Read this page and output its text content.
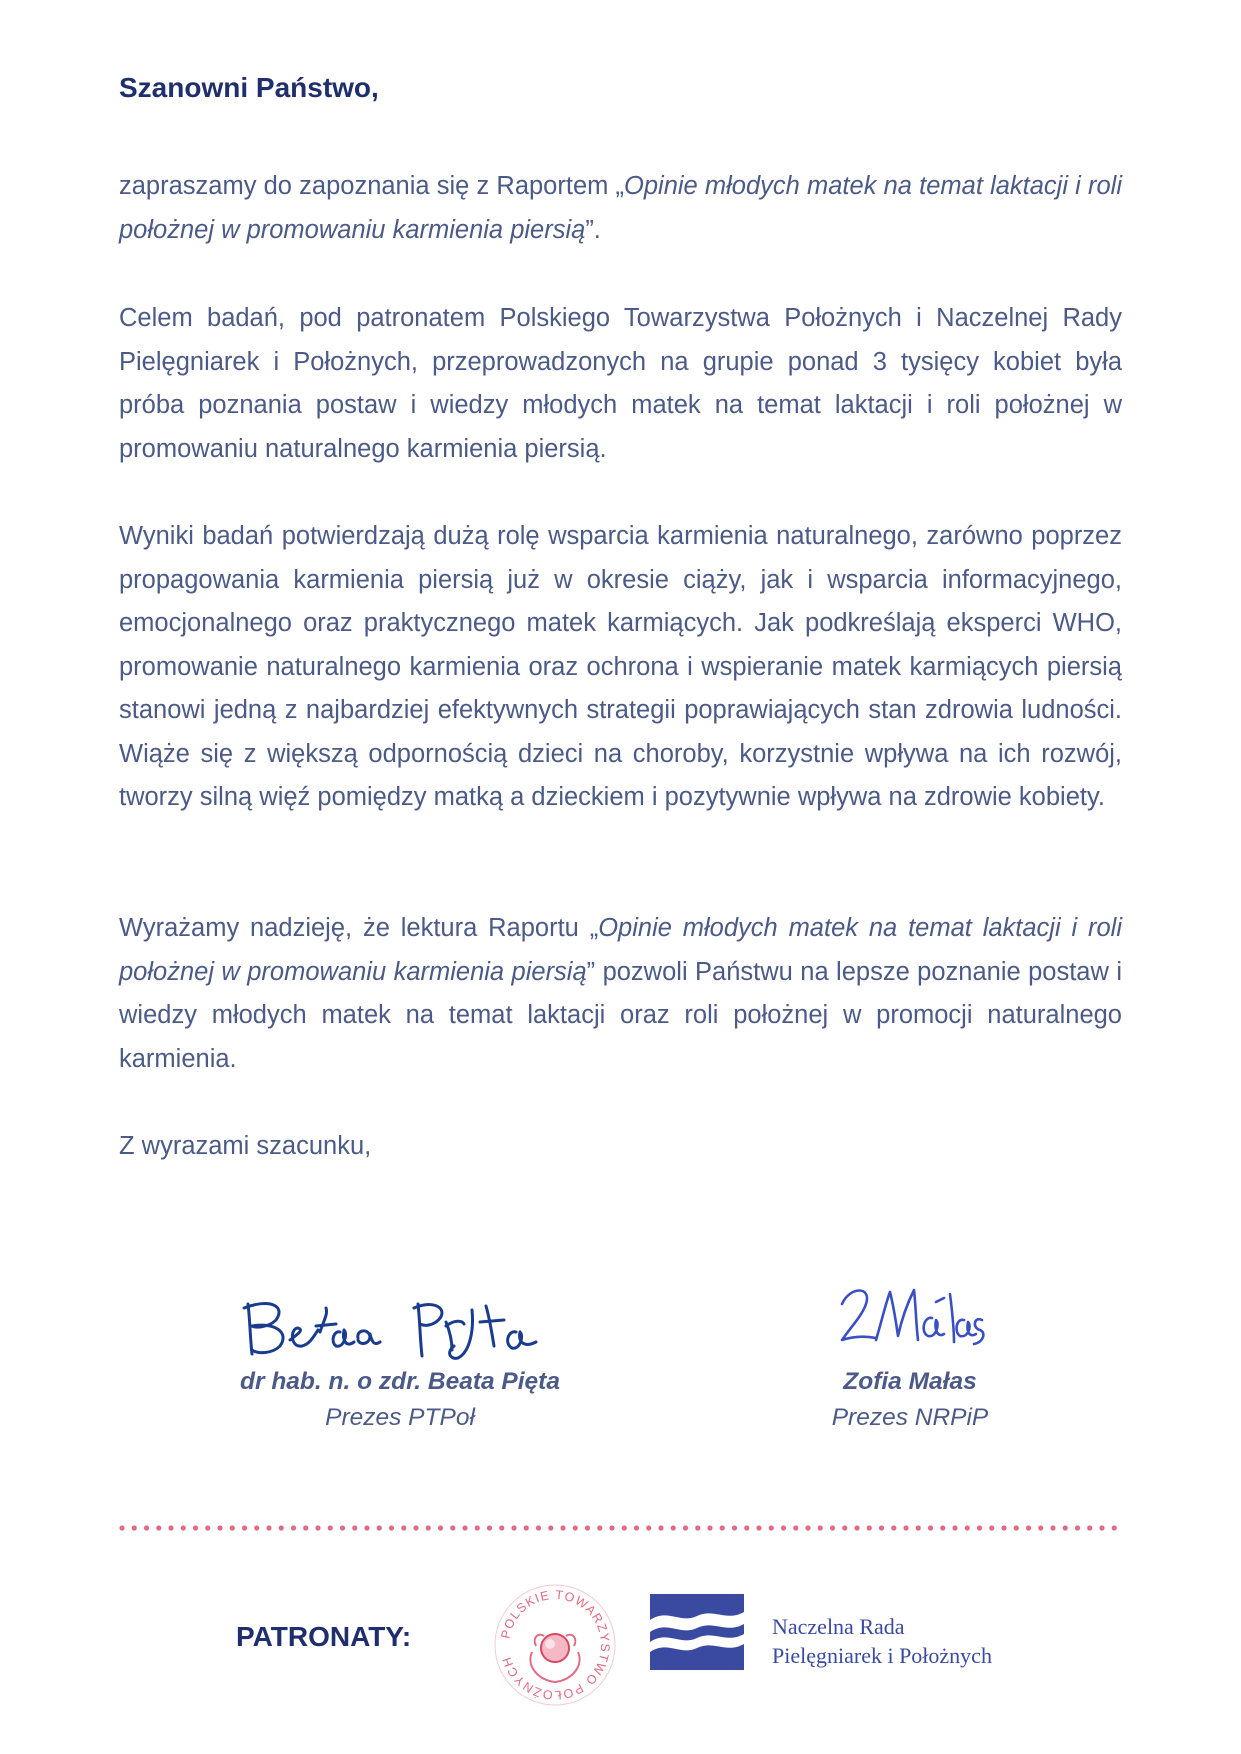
Szanowni Państwo,

zapraszamy do zapoznania się z Raportem „Opinie młodych matek na temat laktacji i roli położnej w promowaniu karmienia piersią”.

Celem badań, pod patronatem Polskiego Towarzystwa Położnych i Naczelnej Rady Pielęgniarek i Położnych, przeprowadzonych na grupie ponad 3 tysięcy kobiet była próba poznania postaw i wiedzy młodych matek na temat laktacji i roli położnej w promowaniu naturalnego karmienia piersią.

Wyniki badań potwierdzają dużą rolę wsparcia karmienia naturalnego, zarówno poprzez propagowania karmienia piersią już w okresie ciąży, jak i wsparcia informacyjnego, emocjonalnego oraz praktycznego matek karmiących. Jak podkreślają eksperci WHO, promowanie naturalnego karmienia oraz ochrona i wspieranie matek karmiących piersią stanowi jedną z najbardziej efektywnych strategii poprawiających stan zdrowia ludności. Wiąże się z większą odpornością dzieci na choroby, korzystnie wpływa na ich rozwój, tworzy silną więź pomiędzy matką a dzieckiem i pozytywnie wpływa na zdrowie kobiety.

Wyrażamy nadzieję, że lektura Raportu „Opinie młodych matek na temat laktacji i roli położnej w promowaniu karmienia piersią” pozwoli Państwu na lepsze poznanie postaw i wiedzy młodych matek na temat laktacji oraz roli położnej w promocji naturalnego karmienia.

Z wyrazami szacunku,

dr hab. n. o zdr. Beata Pięta
Prezes PTPoł
Zofia Małas
Prezes NRPiP
PATRONATY:	POLSKIE TOWARZYSTWO POŁOŻNYCH
Naczelna Rada
Pielęgniarek i Położnych
